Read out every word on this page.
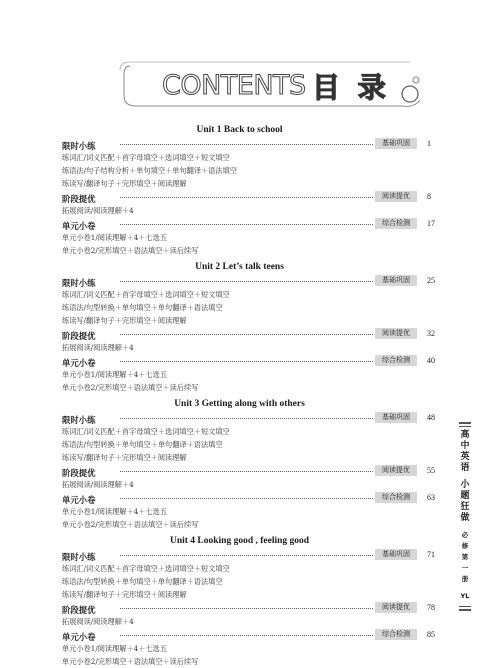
CONTENTS 目 录
Unit 1 Back to school
限时小练	基础巩固	1
练词汇/词义匹配＋首字母填空＋选词填空＋短文填空
练语法/句子结构分析＋单句填空＋单句翻译＋语法填空
练读写/翻译句子＋完形填空＋阅读理解
阶段提优	阅读提优	8
拓展阅读/阅读理解＋4
单元小卷	综合检测	17
单元小卷1/阅读理解＋4＋七选五
单元小卷2/完形填空＋语法填空＋读后续写
Unit 2 Let’s talk teens
限时小练	基础巩固	25
练词汇/词义匹配＋首字母填空＋选词填空＋短文填空
练语法/句型转换＋单句填空＋单句翻译＋语法填空
练读写/翻译句子＋完形填空＋阅读理解
阶段提优	阅读提优	32
拓展阅读/阅读理解＋4
单元小卷	综合检测	40
单元小卷1/阅读理解＋4＋七选五
单元小卷2/完形填空＋语法填空＋读后续写
Unit 3 Getting along with others
限时小练	基础巩固	48
练词汇/词义匹配＋首字母填空＋选词填空＋短文填空
练语法/句型转换＋单句填空＋单句翻译＋语法填空
练读写/翻译句子＋完形填空＋阅读理解
阶段提优	阅读提优	55
拓展阅读/阅读理解＋4
单元小卷	综合检测	63
单元小卷1/阅读理解＋4＋七选五
单元小卷2/完形填空＋语法填空＋读后续写
Unit 4 Looking good , feeling good
限时小练	基础巩固	71
练词汇/词义匹配＋首字母填空＋选词填空＋短文填空
练语法/句型转换＋单句填空＋单句翻译＋语法填空
练读写/翻译句子＋完形填空＋阅读理解
阶段提优	阅读提优	78
拓展阅读/阅读理解＋4
单元小卷	综合检测	85
单元小卷1/阅读理解＋4＋七选五
单元小卷2/完形填空＋语法填空＋读后续写
高中英语
小题狂做
必修第一册
YL
